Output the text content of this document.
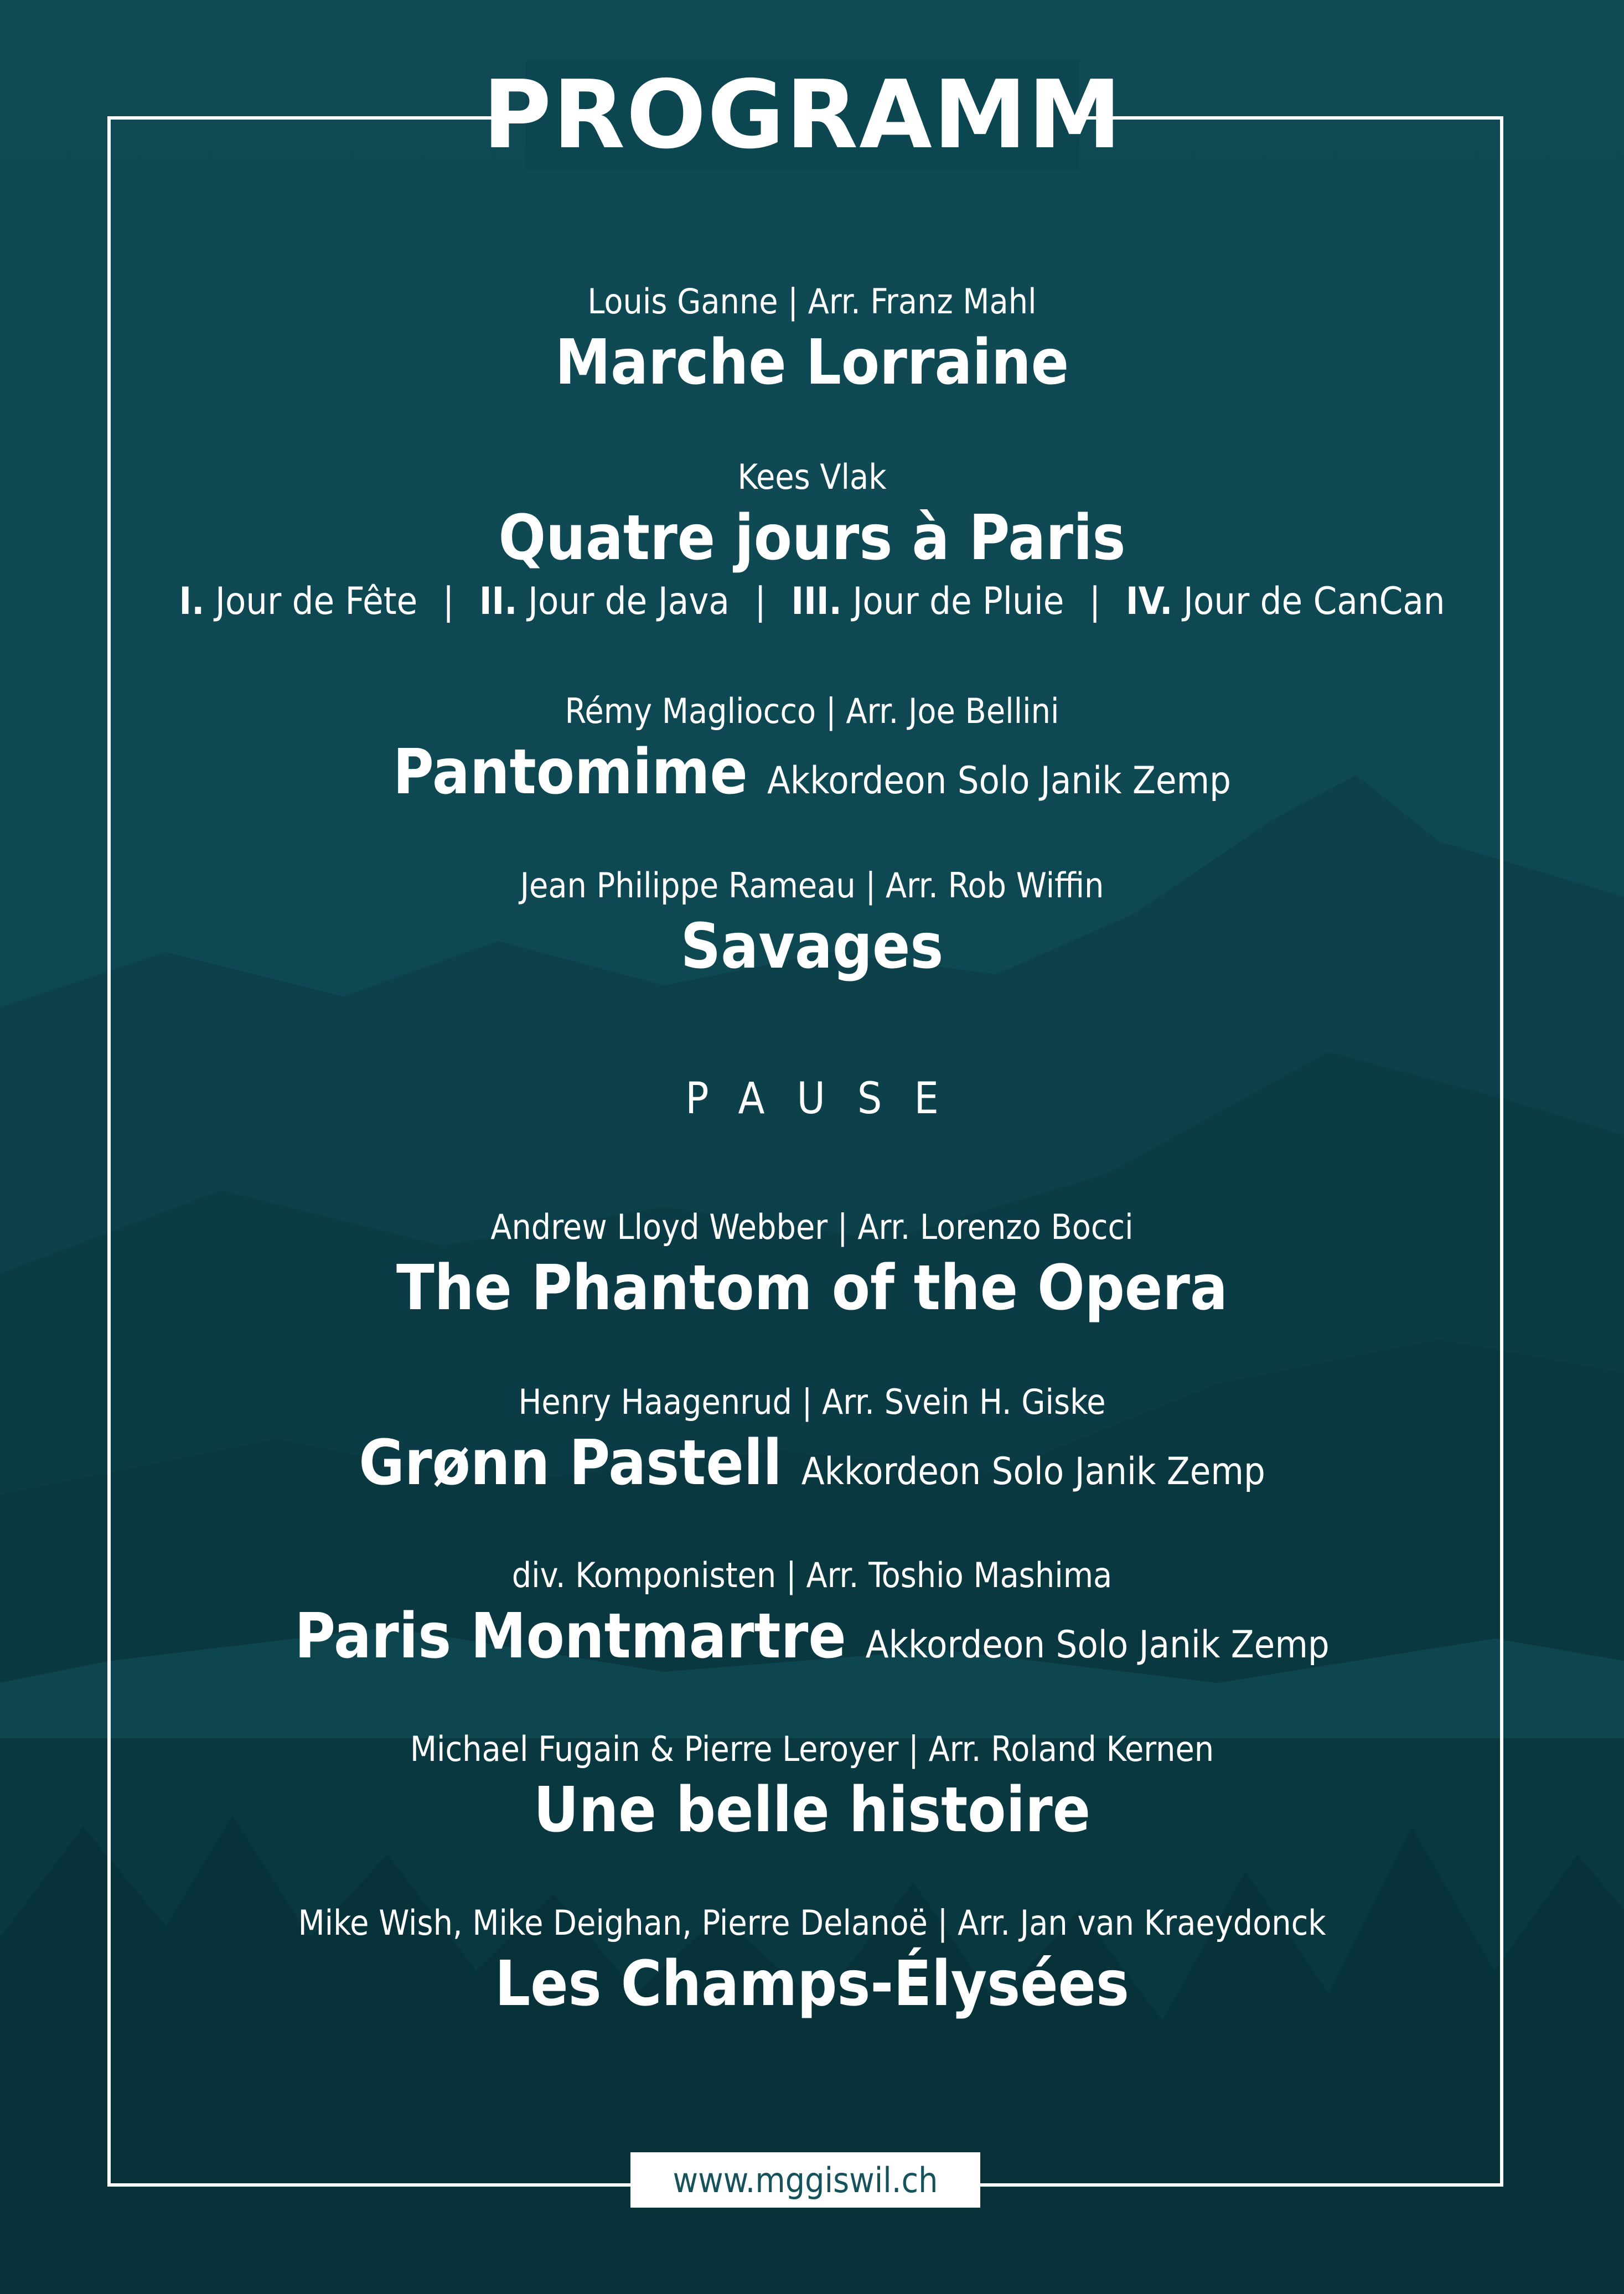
PROGRAMM
Louis Ganne | Arr. Franz Mahl
Marche Lorraine
Kees Vlak
Quatre jours à Paris
I. Jour de Fête | II. Jour de Java | III. Jour de Pluie | IV. Jour de CanCan
Rémy Magliocco | Arr. Joe Bellini
Pantomime Akkordeon Solo Janik Zemp
Jean Philippe Rameau | Arr. Rob Wiffin
Savages
PAUSE
Andrew Lloyd Webber | Arr. Lorenzo Bocci
The Phantom of the Opera
Henry Haagenrud | Arr. Svein H. Giske
Grønn Pastell Akkordeon Solo Janik Zemp
div. Komponisten | Arr. Toshio Mashima
Paris Montmartre Akkordeon Solo Janik Zemp
Michael Fugain & Pierre Leroyer | Arr. Roland Kernen
Une belle histoire
Mike Wish, Mike Deighan, Pierre Delanoë | Arr. Jan van Kraeydonck
Les Champs-Élysées
www.mggiswil.ch
